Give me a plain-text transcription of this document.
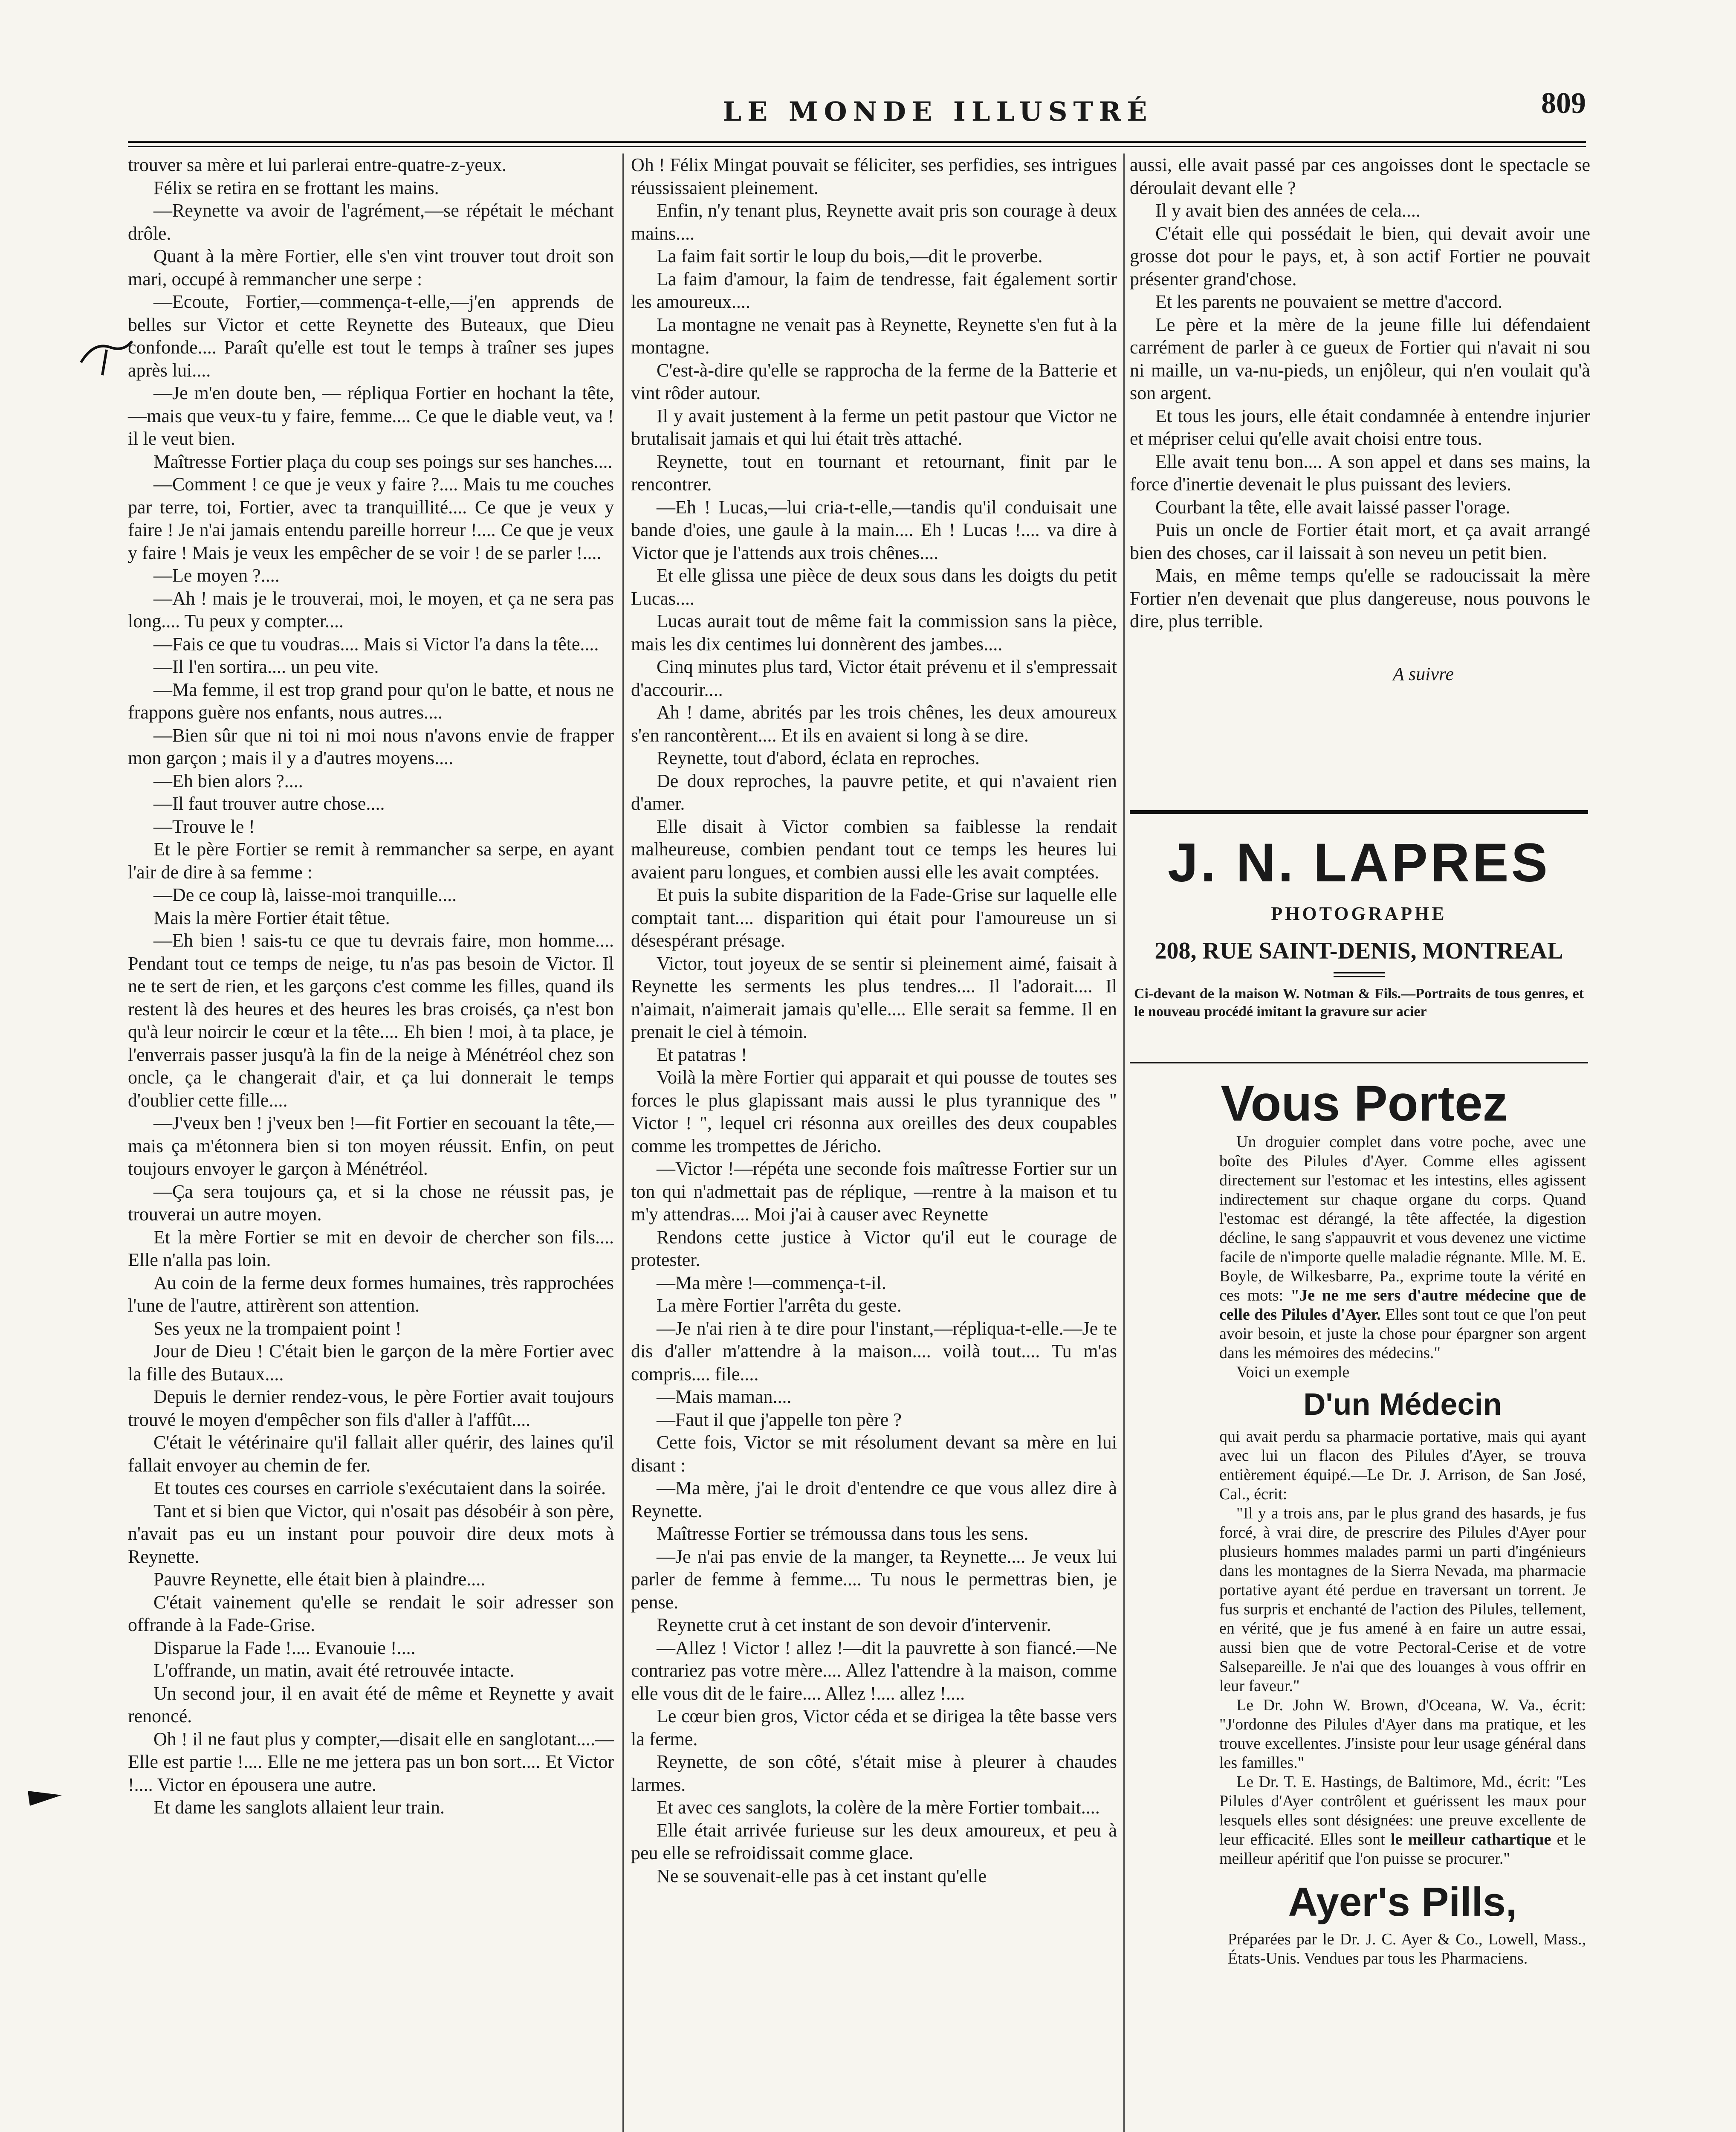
LE MONDE ILLUSTRÉ	809

trouver sa mère et lui parlerai entre-quatre-z-yeux.

Félix se retira en se frottant les mains.

—Reynette va avoir de l'agrément,—se répétait le méchant drôle.

Quant à la mère Fortier, elle s'en vint trouver tout droit son mari, occupé à remmancher une serpe :

—Ecoute, Fortier,—commença-t-elle,—j'en apprends de belles sur Victor et cette Reynette des Buteaux, que Dieu confonde.... Paraît qu'elle est tout le temps à traîner ses jupes après lui....

—Je m'en doute ben, — répliqua Fortier en hochant la tête,—mais que veux-tu y faire, femme.... Ce que le diable veut, va ! il le veut bien.

Maîtresse Fortier plaça du coup ses poings sur ses hanches....

—Comment ! ce que je veux y faire ?.... Mais tu me couches par terre, toi, Fortier, avec ta tranquillité.... Ce que je veux y faire ! Je n'ai jamais entendu pareille horreur !.... Ce que je veux y faire ! Mais je veux les empêcher de se voir ! de se parler !....

—Le moyen ?....

—Ah ! mais je le trouverai, moi, le moyen, et ça ne sera pas long.... Tu peux y compter....

—Fais ce que tu voudras.... Mais si Victor l'a dans la tête....

—Il l'en sortira.... un peu vite.

—Ma femme, il est trop grand pour qu'on le batte, et nous ne frappons guère nos enfants, nous autres....

—Bien sûr que ni toi ni moi nous n'avons envie de frapper mon garçon ; mais il y a d'autres moyens....

—Eh bien alors ?....

—Il faut trouver autre chose....

—Trouve le !

Et le père Fortier se remit à remmancher sa serpe, en ayant l'air de dire à sa femme :

—De ce coup là, laisse-moi tranquille....

Mais la mère Fortier était têtue.

—Eh bien ! sais-tu ce que tu devrais faire, mon homme.... Pendant tout ce temps de neige, tu n'as pas besoin de Victor. Il ne te sert de rien, et les garçons c'est comme les filles, quand ils restent là des heures et des heures les bras croisés, ça n'est bon qu'à leur noircir le cœur et la tête.... Eh bien ! moi, à ta place, je l'enverrais passer jusqu'à la fin de la neige à Ménétréol chez son oncle, ça le changerait d'air, et ça lui donnerait le temps d'oublier cette fille....

—J'veux ben ! j'veux ben !—fit Fortier en secouant la tête,—mais ça m'étonnera bien si ton moyen réussit. Enfin, on peut toujours envoyer le garçon à Ménétréol.

—Ça sera toujours ça, et si la chose ne réussit pas, je trouverai un autre moyen.

Et la mère Fortier se mit en devoir de chercher son fils.... Elle n'alla pas loin.

Au coin de la ferme deux formes humaines, très rapprochées l'une de l'autre, attirèrent son attention.

Ses yeux ne la trompaient point !

Jour de Dieu ! C'était bien le garçon de la mère Fortier avec la fille des Butaux....

Depuis le dernier rendez-vous, le père Fortier avait toujours trouvé le moyen d'empêcher son fils d'aller à l'affût....

C'était le vétérinaire qu'il fallait aller quérir, des laines qu'il fallait envoyer au chemin de fer.

Et toutes ces courses en carriole s'exécutaient dans la soirée.

Tant et si bien que Victor, qui n'osait pas désobéir à son père, n'avait pas eu un instant pour pouvoir dire deux mots à Reynette.

Pauvre Reynette, elle était bien à plaindre....

C'était vainement qu'elle se rendait le soir adresser son offrande à la Fade-Grise.

Disparue la Fade !.... Evanouie !....

L'offrande, un matin, avait été retrouvée intacte.

Un second jour, il en avait été de même et Reynette y avait renoncé.

Oh ! il ne faut plus y compter,—disait elle en sanglotant....—Elle est partie !.... Elle ne me jettera pas un bon sort.... Et Victor !.... Victor en épousera une autre.

Et dame les sanglots allaient leur train.

Oh ! Félix Mingat pouvait se féliciter, ses perfidies, ses intrigues réussissaient pleinement.

Enfin, n'y tenant plus, Reynette avait pris son courage à deux mains....

La faim fait sortir le loup du bois,—dit le proverbe.

La faim d'amour, la faim de tendresse, fait également sortir les amoureux....

La montagne ne venait pas à Reynette, Reynette s'en fut à la montagne.

C'est-à-dire qu'elle se rapprocha de la ferme de la Batterie et vint rôder autour.

Il y avait justement à la ferme un petit pastour que Victor ne brutalisait jamais et qui lui était très attaché.

Reynette, tout en tournant et retournant, finit par le rencontrer.

—Eh ! Lucas,—lui cria-t-elle,—tandis qu'il conduisait une bande d'oies, une gaule à la main.... Eh ! Lucas !.... va dire à Victor que je l'attends aux trois chênes....

Et elle glissa une pièce de deux sous dans les doigts du petit Lucas....

Lucas aurait tout de même fait la commission sans la pièce, mais les dix centimes lui donnèrent des jambes....

Cinq minutes plus tard, Victor était prévenu et il s'empressait d'accourir....

Ah ! dame, abrités par les trois chênes, les deux amoureux s'en rancontèrent.... Et ils en avaient si long à se dire.

Reynette, tout d'abord, éclata en reproches.

De doux reproches, la pauvre petite, et qui n'avaient rien d'amer.

Elle disait à Victor combien sa faiblesse la rendait malheureuse, combien pendant tout ce temps les heures lui avaient paru longues, et combien aussi elle les avait comptées.

Et puis la subite disparition de la Fade-Grise sur laquelle elle comptait tant.... disparition qui était pour l'amoureuse un si désespérant présage.

Victor, tout joyeux de se sentir si pleinement aimé, faisait à Reynette les serments les plus tendres.... Il l'adorait.... Il n'aimait, n'aimerait jamais qu'elle.... Elle serait sa femme. Il en prenait le ciel à témoin.

Et patatras !

Voilà la mère Fortier qui apparait et qui pousse de toutes ses forces le plus glapissant mais aussi le plus tyrannique des " Victor ! ", lequel cri résonna aux oreilles des deux coupables comme les trompettes de Jéricho.

—Victor !—répéta une seconde fois maîtresse Fortier sur un ton qui n'admettait pas de réplique, —rentre à la maison et tu m'y attendras.... Moi j'ai à causer avec Reynette

Rendons cette justice à Victor qu'il eut le courage de protester.

—Ma mère !—commença-t-il.

La mère Fortier l'arrêta du geste.

—Je n'ai rien à te dire pour l'instant,—répliqua-t-elle.—Je te dis d'aller m'attendre à la maison.... voilà tout.... Tu m'as compris.... file....

—Mais maman....

—Faut il que j'appelle ton père ?

Cette fois, Victor se mit résolument devant sa mère en lui disant :

—Ma mère, j'ai le droit d'entendre ce que vous allez dire à Reynette.

Maîtresse Fortier se trémoussa dans tous les sens.

—Je n'ai pas envie de la manger, ta Reynette.... Je veux lui parler de femme à femme.... Tu nous le permettras bien, je pense.

Reynette crut à cet instant de son devoir d'intervenir.

—Allez ! Victor ! allez !—dit la pauvrette à son fiancé.—Ne contrariez pas votre mère.... Allez l'attendre à la maison, comme elle vous dit de le faire.... Allez !.... allez !....

Le cœur bien gros, Victor céda et se dirigea la tête basse vers la ferme.

Reynette, de son côté, s'était mise à pleurer à chaudes larmes.

Et avec ces sanglots, la colère de la mère Fortier tombait....

Elle était arrivée furieuse sur les deux amoureux, et peu à peu elle se refroidissait comme glace.

Ne se souvenait-elle pas à cet instant qu'elle

aussi, elle avait passé par ces angoisses dont le spectacle se déroulait devant elle ?

Il y avait bien des années de cela....

C'était elle qui possédait le bien, qui devait avoir une grosse dot pour le pays, et, à son actif Fortier ne pouvait présenter grand'chose.

Et les parents ne pouvaient se mettre d'accord.

Le père et la mère de la jeune fille lui défendaient carrément de parler à ce gueux de Fortier qui n'avait ni sou ni maille, un va-nu-pieds, un enjôleur, qui n'en voulait qu'à son argent.

Et tous les jours, elle était condamnée à entendre injurier et mépriser celui qu'elle avait choisi entre tous.

Elle avait tenu bon.... A son appel et dans ses mains, la force d'inertie devenait le plus puissant des leviers.

Courbant la tête, elle avait laissé passer l'orage.

Puis un oncle de Fortier était mort, et ça avait arrangé bien des choses, car il laissait à son neveu un petit bien.

Mais, en même temps qu'elle se radoucissait la mère Fortier n'en devenait que plus dangereuse, nous pouvons le dire, plus terrible.

A suivre
J. N. LAPRES
PHOTOGRAPHE
208, RUE SAINT-DENIS, MONTREAL
Ci-devant de la maison W. Notman & Fils.—Portraits de tous genres, et le nouveau procédé imitant la gravure sur acier
Vous Portez

Un droguier complet dans votre poche, avec une boîte des Pilules d'Ayer. Comme elles agissent directement sur l'estomac et les intestins, elles agissent indirectement sur chaque organe du corps. Quand l'estomac est dérangé, la tête affectée, la digestion décline, le sang s'appauvrit et vous devenez une victime facile de n'importe quelle maladie régnante. Mlle. M. E. Boyle, de Wilkesbarre, Pa., exprime toute la vérité en ces mots: "Je ne me sers d'autre médecine que de celle des Pilules d'Ayer. Elles sont tout ce que l'on peut avoir besoin, et juste la chose pour épargner son argent dans les mémoires des médecins."

Voici un exemple

D'un Médecin

qui avait perdu sa pharmacie portative, mais qui ayant avec lui un flacon des Pilules d'Ayer, se trouva entièrement équipé.—Le Dr. J. Arrison, de San José, Cal., écrit:

"Il y a trois ans, par le plus grand des hasards, je fus forcé, à vrai dire, de prescrire des Pilules d'Ayer pour plusieurs hommes malades parmi un parti d'ingénieurs dans les montagnes de la Sierra Nevada, ma pharmacie portative ayant été perdue en traversant un torrent. Je fus surpris et enchanté de l'action des Pilules, tellement, en vérité, que je fus amené à en faire un autre essai, aussi bien que de votre Pectoral-Cerise et de votre Salsepareille. Je n'ai que des louanges à vous offrir en leur faveur."

Le Dr. John W. Brown, d'Oceana, W. Va., écrit: "J'ordonne des Pilules d'Ayer dans ma pratique, et les trouve excellentes. J'insiste pour leur usage général dans les familles."

Le Dr. T. E. Hastings, de Baltimore, Md., écrit: "Les Pilules d'Ayer contrôlent et guérissent les maux pour lesquels elles sont désignées: une preuve excellente de leur efficacité. Elles sont le meilleur cathartique et le meilleur apéritif que l'on puisse se procurer."

Ayer's Pills,
Préparées par le Dr. J. C. Ayer & Co., Lowell, Mass., États-Unis. Vendues par tous les Pharmaciens.
